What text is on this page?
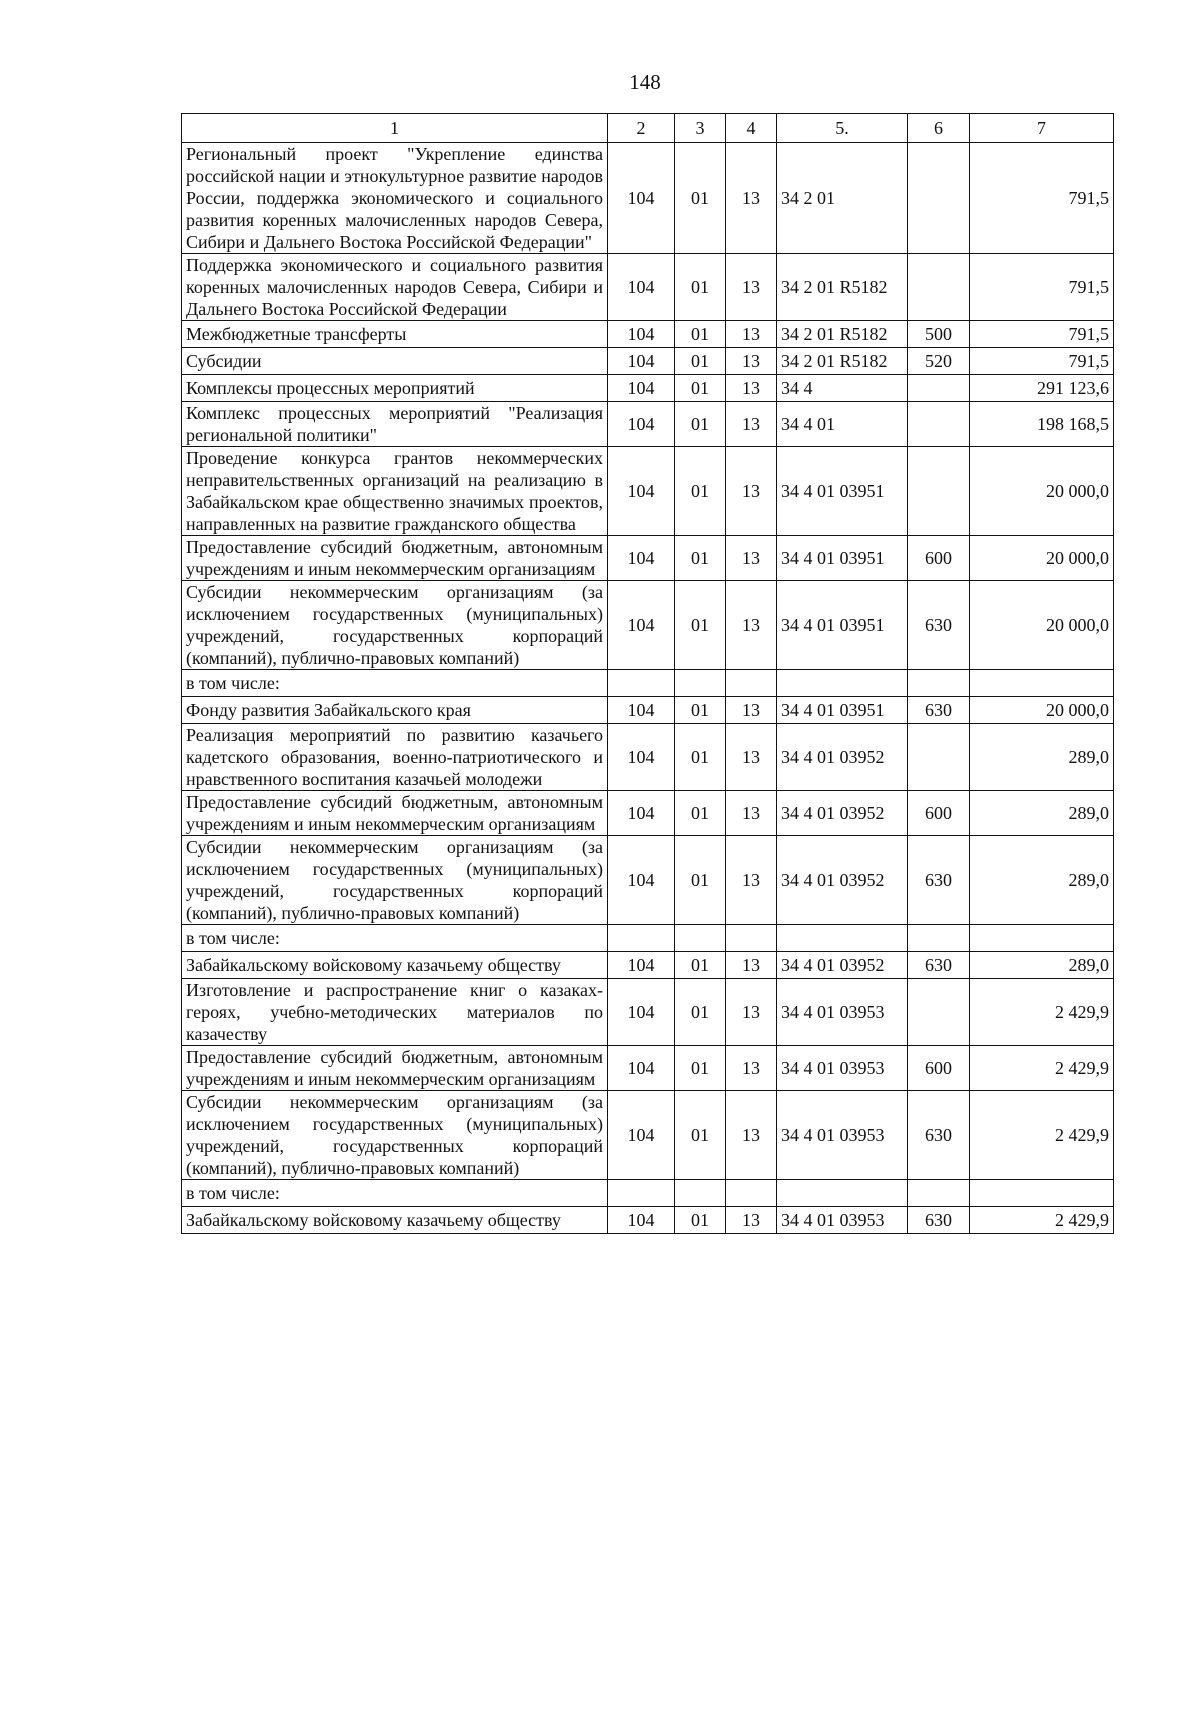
148
1	2	3	4	5.	6	7
Региональный проект "Укрепление единства российской нации и этнокультурное развитие народов России, поддержка экономического и социального развития коренных малочисленных народов Севера, Сибири и Дальнего Востока Российской Федерации"	104	01	13	34 2 01		791,5
Поддержка экономического и социального развития коренных малочисленных народов Севера, Сибири и Дальнего Востока Российской Федерации	104	01	13	34 2 01 R5182		791,5
Межбюджетные трансферты	104	01	13	34 2 01 R5182	500	791,5
Субсидии	104	01	13	34 2 01 R5182	520	791,5
Комплексы процессных мероприятий	104	01	13	34 4		291 123,6
Комплекс процессных мероприятий "Реализация региональной политики"	104	01	13	34 4 01		198 168,5
Проведение конкурса грантов некоммерческих неправительственных организаций на реализацию в Забайкальском крае общественно значимых проектов, направленных на развитие гражданского общества	104	01	13	34 4 01 03951		20 000,0
Предоставление субсидий бюджетным, автономным учреждениям и иным некоммерческим организациям	104	01	13	34 4 01 03951	600	20 000,0
Субсидии некоммерческим организациям (за исключением государственных (муниципальных) учреждений, государственных корпораций (компаний), публично-правовых компаний)	104	01	13	34 4 01 03951	630	20 000,0
в том числе:						
Фонду развития Забайкальского края	104	01	13	34 4 01 03951	630	20 000,0
Реализация мероприятий по развитию казачьего кадетского образования, военно-патриотического и нравственного воспитания казачьей молодежи	104	01	13	34 4 01 03952		289,0
Предоставление субсидий бюджетным, автономным учреждениям и иным некоммерческим организациям	104	01	13	34 4 01 03952	600	289,0
Субсидии некоммерческим организациям (за исключением государственных (муниципальных) учреждений, государственных корпораций (компаний), публично-правовых компаний)	104	01	13	34 4 01 03952	630	289,0
в том числе:						
Забайкальскому войсковому казачьему обществу	104	01	13	34 4 01 03952	630	289,0
Изготовление и распространение книг о казаках-героях, учебно-методических материалов по казачеству	104	01	13	34 4 01 03953		2 429,9
Предоставление субсидий бюджетным, автономным учреждениям и иным некоммерческим организациям	104	01	13	34 4 01 03953	600	2 429,9
Субсидии некоммерческим организациям (за исключением государственных (муниципальных) учреждений, государственных корпораций (компаний), публично-правовых компаний)	104	01	13	34 4 01 03953	630	2 429,9
в том числе:						
Забайкальскому войсковому казачьему обществу	104	01	13	34 4 01 03953	630	2 429,9
